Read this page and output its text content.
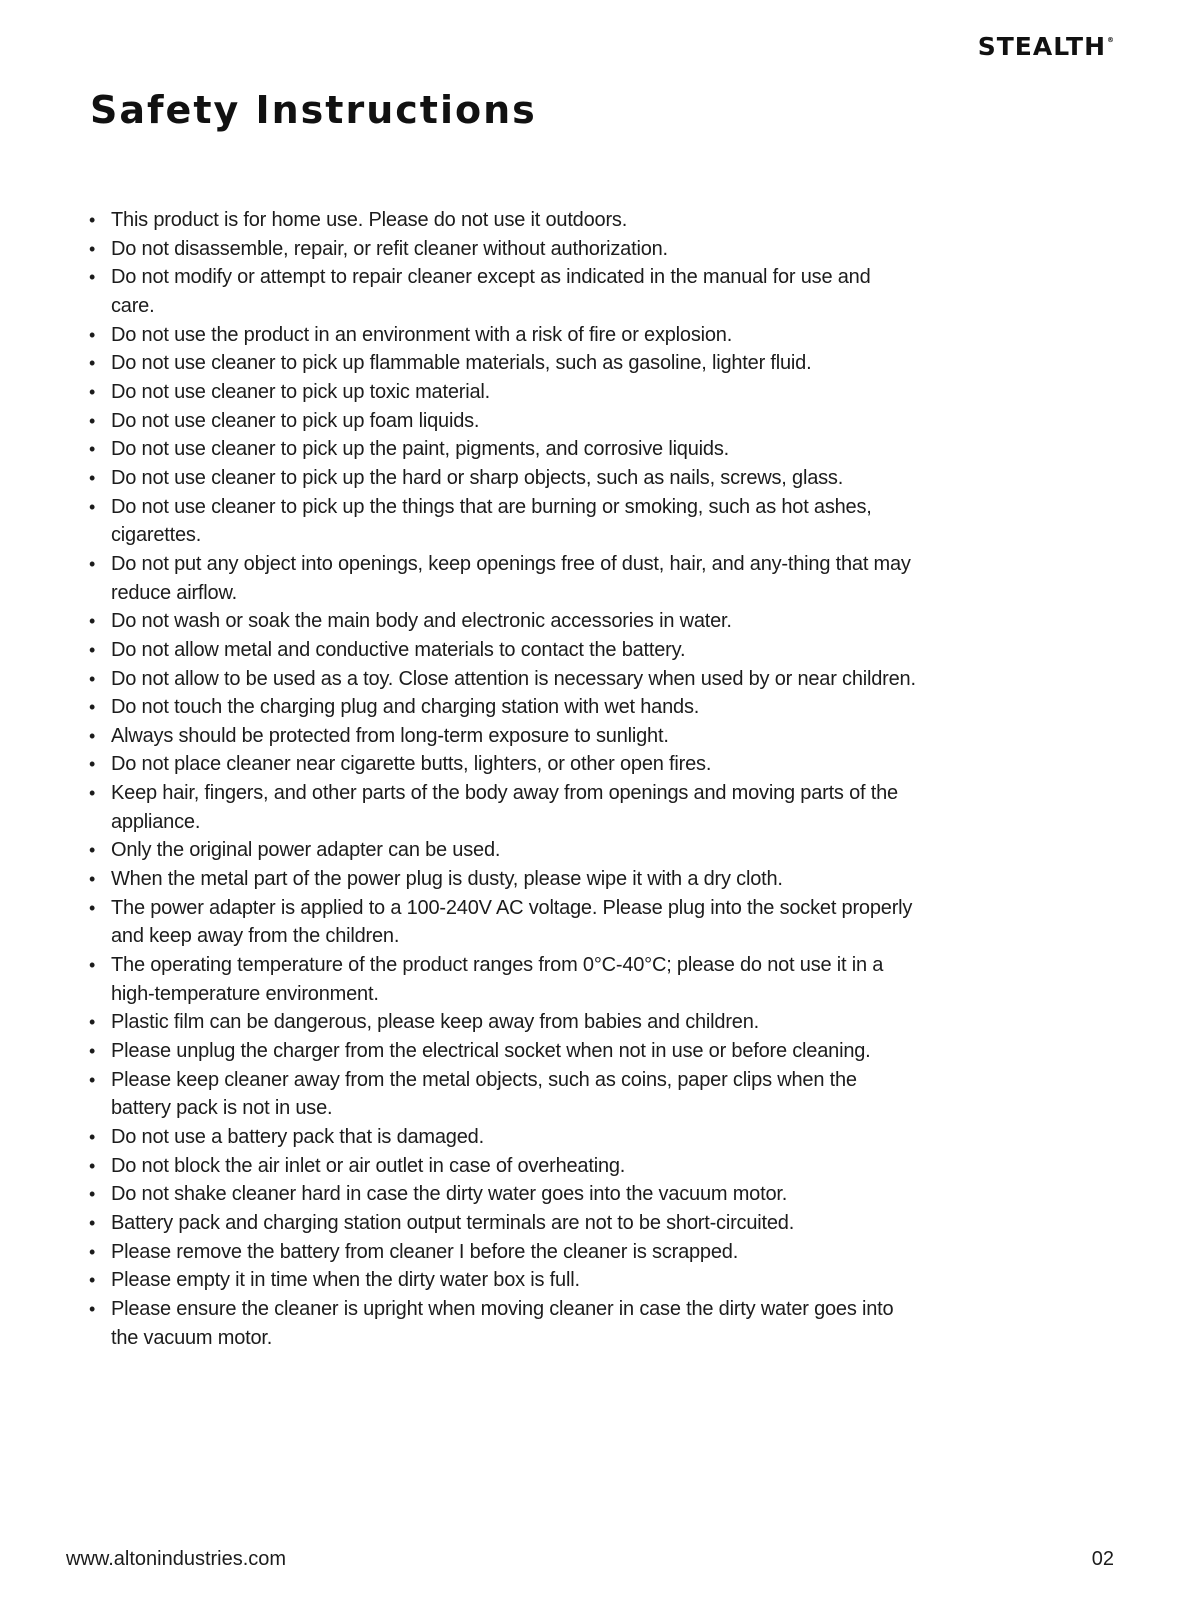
STEALTH®
Safety Instructions
• This product is for home use. Please do not use it outdoors.
• Do not disassemble, repair, or refit cleaner without authorization.
• Do not modify or attempt to repair cleaner except as indicated in the manual for use and care.
• Do not use the product in an environment with a risk of fire or explosion.
• Do not use cleaner to pick up flammable materials, such as gasoline, lighter fluid.
• Do not use cleaner to pick up toxic material.
• Do not use cleaner to pick up foam liquids.
• Do not use cleaner to pick up the paint, pigments, and corrosive liquids.
• Do not use cleaner to pick up the hard or sharp objects, such as nails, screws, glass.
• Do not use cleaner to pick up the things that are burning or smoking, such as hot ashes, cigarettes.
• Do not put any object into openings, keep openings free of dust, hair, and any-thing that may reduce airflow.
• Do not wash or soak the main body and electronic accessories in water.
• Do not allow metal and conductive materials to contact the battery.
• Do not allow to be used as a toy. Close attention is necessary when used by or near children.
• Do not touch the charging plug and charging station with wet hands.
• Always should be protected from long-term exposure to sunlight.
• Do not place cleaner near cigarette butts, lighters, or other open fires.
• Keep hair, fingers, and other parts of the body away from openings and moving parts of the appliance.
• Only the original power adapter can be used.
• When the metal part of the power plug is dusty, please wipe it with a dry cloth.
• The power adapter is applied to a 100-240V AC voltage. Please plug into the socket properly and keep away from the children.
• The operating temperature of the product ranges from 0°C-40°C; please do not use it in a high-temperature environment.
• Plastic film can be dangerous, please keep away from babies and children.
• Please unplug the charger from the electrical socket when not in use or before cleaning.
• Please keep cleaner away from the metal objects, such as coins, paper clips when the battery pack is not in use.
• Do not use a battery pack that is damaged.
• Do not block the air inlet or air outlet in case of overheating.
• Do not shake cleaner hard in case the dirty water goes into the vacuum motor.
• Battery pack and charging station output terminals are not to be short-circuited.
• Please remove the battery from cleaner I before the cleaner is scrapped.
• Please empty it in time when the dirty water box is full.
• Please ensure the cleaner is upright when moving cleaner in case the dirty water goes into the vacuum motor.
www.altonindustries.com	02
